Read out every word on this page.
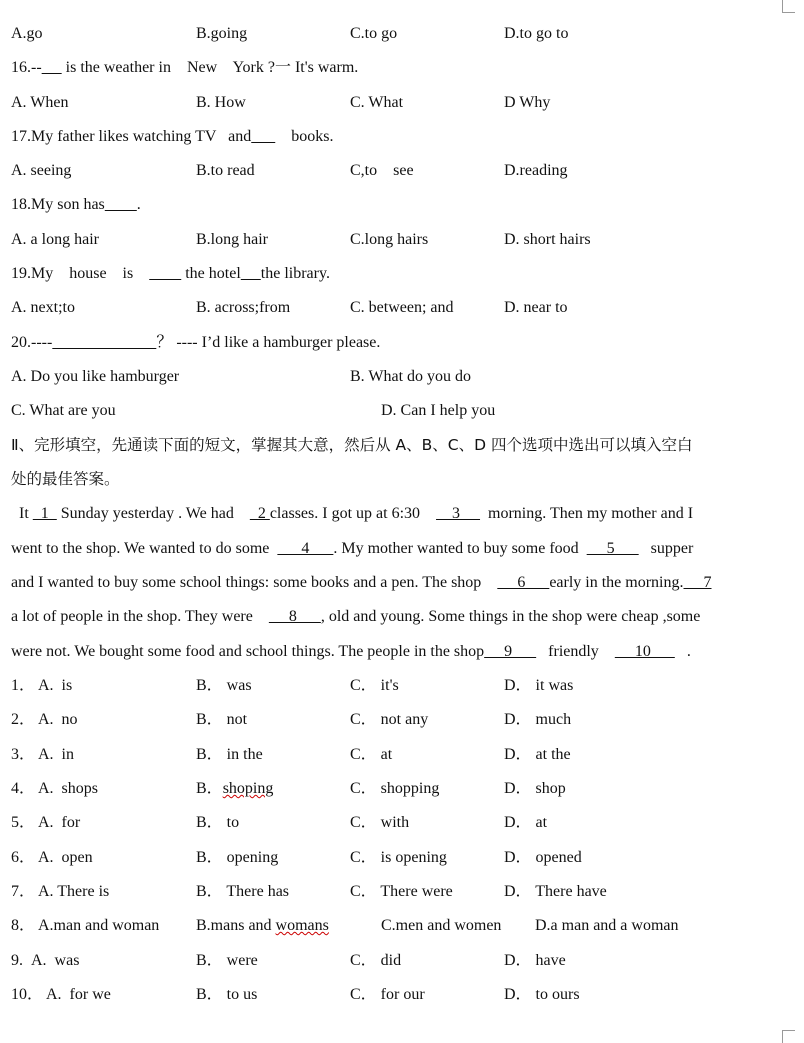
A.go	B.going	C.to go	D.to go to
16.--      is the weather in    New    York ?一 It's warm.
A. When	B. How	C. What	D Why
17.My father likes watching TV   and          books.
A. seeing	B.to read	C,to    see	D.reading
18.My son has .
A. a long hair	B.long hair	C.long hairs	D. short hairs
19.My    house    is             the hotel the library.
A. next;to	B. across;from	C. between; and	D. near to
20.----	？ ---- I’d like a hamburger please.
A. Do you like hamburger	B. What do you do
C. What are you	D. Can I help you
Ⅱ、完形填空，先通读下面的短文，掌握其大意，然后从 A、B、C、D 四个选项中选出可以填入空白
处的最佳答案。
It   1   Sunday yesterday . We had      2 classes. I got up at 6:30        3       morning. Then my mother and I
went to the shop. We wanted to do some        4      . My mother wanted to buy some food       5         supper
and I wanted to buy some school things: some books and a pen. The shop         6      early in the morning.     7
a lot of people in the shop. They were         8      , old and young. Some things in the shop were cheap ,some
were not. We bought some food and school things. The people in the shop     9         friendly         10         .
1． A.  is	B． was	C． it's	D． it was
2． A.  no	B． not	C． not any	D． much
3． A.  in	B． in the	C． at	D． at the
4． A.  shops	B．shoping	C． shopping	D． shop
5． A.  for	B． to	C． with	D． at
6． A.  open	B． opening	C． is opening	D． opened
7． A. There is	B． There has	C． There were	D． There have
8． A.man and woman B.mans and womans	C.men and women D.a man and a woman
9. A.  was	B． were	C． did	D． have
10． A.  for we	B． to us	C． for our	D． to ours
